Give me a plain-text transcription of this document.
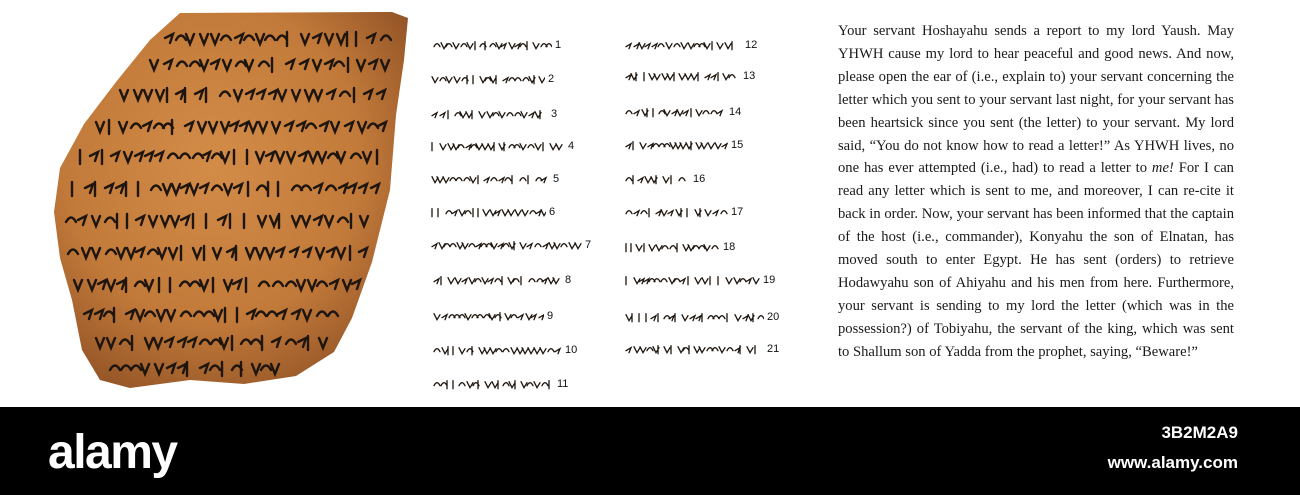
1
2
3
4
5
6
7
8
9
10
11
12
13
14
15
16
17
18
19
20
21

Your servant Hoshayahu sends a report to my lord Yaush. May YHWH cause my lord to hear peaceful and good news. And now, please open the ear of (i.e., explain to) your servant concerning the letter which you sent to your servant last night, for your servant has been heartsick since you sent (the letter) to your servant. My lord said, “You do not know how to read a letter!” As YHWH lives, no one has ever attempted (i.e., had) to read a letter to me! For I can read any letter which is sent to me, and moreover, I can re-cite it back in order. Now, your servant has been informed that the captain of the host (i.e., commander), Konyahu the son of Elnatan, has moved south to enter Egypt. He has sent (orders) to retrieve Hodawyahu son of Ahiyahu and his men from here. Furthermore, your servant is sending to my lord the letter (which was in the possession?) of Tobiyahu, the servant of the king, which was sent to Shallum son of Yadda from the prophet, saying, “Beware!”

alamy	3B2M2A9
www.alamy.com
